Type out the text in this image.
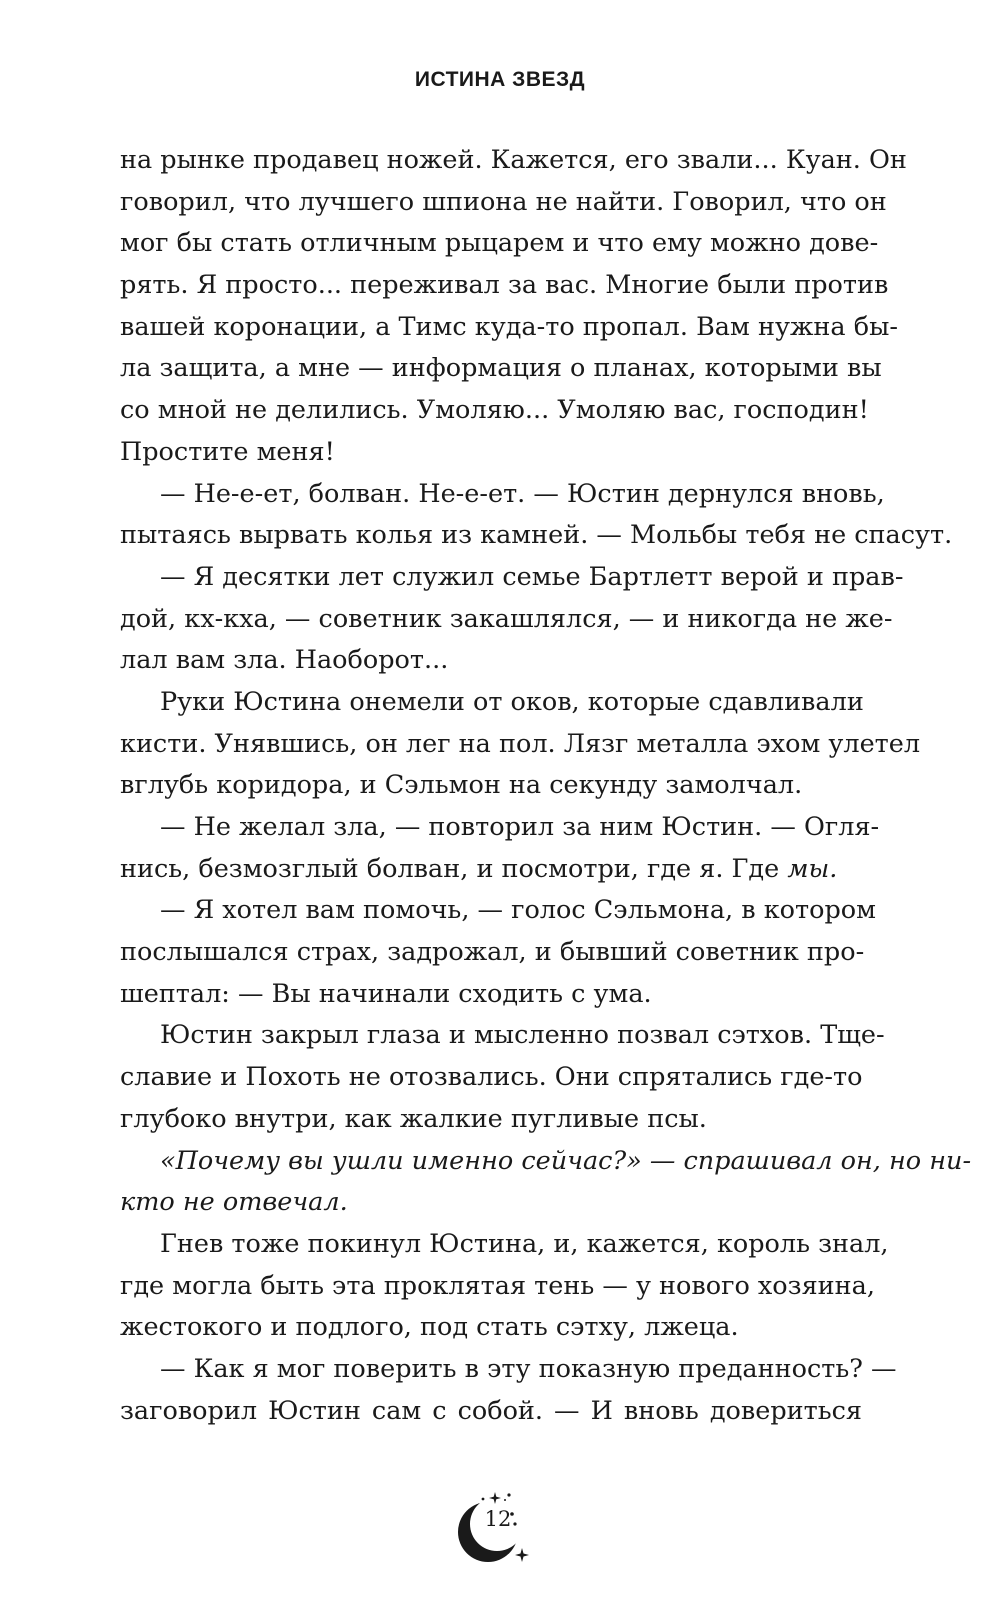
ИСТИНА ЗВЕЗД
на рынке продавец ножей. Кажется, его звали... Куан. Он
говорил, что лучшего шпиона не найти. Говорил, что он
мог бы стать отличным рыцарем и что ему можно дове-
рять. Я просто... переживал за вас. Многие были против
вашей коронации, а Тимс куда-то пропал. Вам нужна бы-
ла защита, а мне — информация о планах, которыми вы
со мной не делились. Умоляю... Умоляю вас, господин!
Простите меня!
— Не-е-ет, болван. Не-е-ет. — Юстин дернулся вновь,
пытаясь вырвать колья из камней. — Мольбы тебя не спасут.
— Я десятки лет служил семье Бартлетт верой и прав-
дой, кх-кха, — советник закашлялся, — и никогда не же-
лал вам зла. Наоборот...
Руки Юстина онемели от оков, которые сдавливали
кисти. Унявшись, он лег на пол. Лязг металла эхом улетел
вглубь коридора, и Сэльмон на секунду замолчал.
— Не желал зла, — повторил за ним Юстин. — Огля-
нись, безмозглый болван, и посмотри, где я. Где мы.
— Я хотел вам помочь, — голос Сэльмона, в котором
послышался страх, задрожал, и бывший советник про-
шептал: — Вы начинали сходить с ума.
Юстин закрыл глаза и мысленно позвал сэтхов. Тще-
славие и Похоть не отозвались. Они спрятались где-то
глубоко внутри, как жалкие пугливые псы.
«Почему вы ушли именно сейчас?» — спрашивал он, но ни-
кто не отвечал.
Гнев тоже покинул Юстина, и, кажется, король знал,
где могла быть эта проклятая тень — у нового хозяина,
жестокого и подлого, под стать сэтху, лжеца.
— Как я мог поверить в эту показную преданность? —
заговорил Юстин сам с собой. — И вновь довериться
12
